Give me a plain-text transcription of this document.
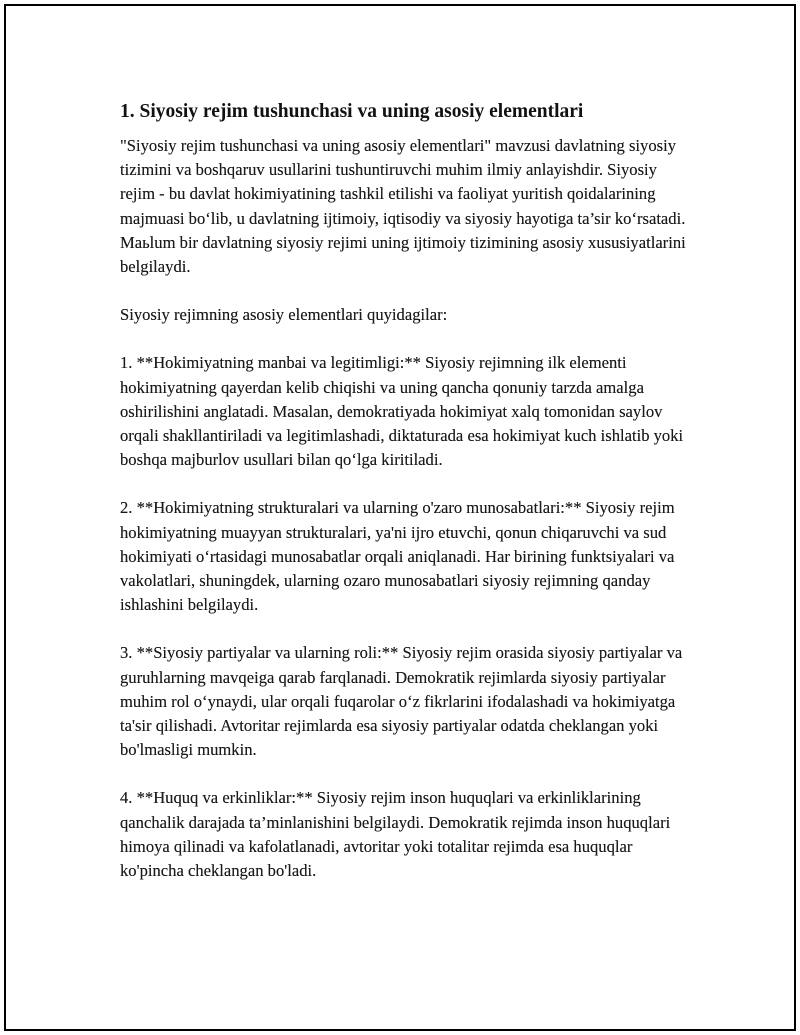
1. Siyosiy rejim tushunchasi va uning asosiy elementlari

"Siyosiy rejim tushunchasi va uning asosiy elementlari" mavzusi davlatning siyosiy tizimini va boshqaruv usullarini tushuntiruvchi muhim ilmiy anlayishdir. Siyosiy rejim - bu davlat hokimiyatining tashkil etilishi va faoliyat yuritish qoidalarining majmuasi bo‘lib, u davlatning ijtimoiy, iqtisodiy va siyosiy hayotiga ta’sir ko‘rsatadi. Maьlum bir davlatning siyosiy rejimi uning ijtimoiy tizimining asosiy xususiyatlarini belgilaydi.

Siyosiy rejimning asosiy elementlari quyidagilar:

1. **Hokimiyatning manbai va legitimligi:** Siyosiy rejimning ilk elementi hokimiyatning qayerdan kelib chiqishi va uning qancha qonuniy tarzda amalga oshirilishini anglatadi. Masalan, demokratiyada hokimiyat xalq tomonidan saylov orqali shakllantiriladi va legitimlashadi, diktaturada esa hokimiyat kuch ishlatib yoki boshqa majburlov usullari bilan qo‘lga kiritiladi.

2. **Hokimiyatning strukturalari va ularning o'zaro munosabatlari:** Siyosiy rejim hokimiyatning muayyan strukturalari, ya'ni ijro etuvchi, qonun chiqaruvchi va sud hokimiyati o‘rtasidagi munosabatlar orqali aniqlanadi. Har birining funktsiyalari va vakolatlari, shuningdek, ularning ozaro munosabatlari siyosiy rejimning qanday ishlashini belgilaydi.

3. **Siyosiy partiyalar va ularning roli:** Siyosiy rejim orasida siyosiy partiyalar va guruhlarning mavqeiga qarab farqlanadi. Demokratik rejimlarda siyosiy partiyalar muhim rol o‘ynaydi, ular orqali fuqarolar o‘z fikrlarini ifodalashadi va hokimiyatga ta'sir qilishadi. Avtoritar rejimlarda esa siyosiy partiyalar odatda cheklangan yoki bo'lmasligi mumkin.

4. **Huquq va erkinliklar:** Siyosiy rejim inson huquqlari va erkinliklarining qanchalik darajada ta’minlanishini belgilaydi. Demokratik rejimda inson huquqlari himoya qilinadi va kafolatlanadi, avtoritar yoki totalitar rejimda esa huquqlar ko'pincha cheklangan bo'ladi.
